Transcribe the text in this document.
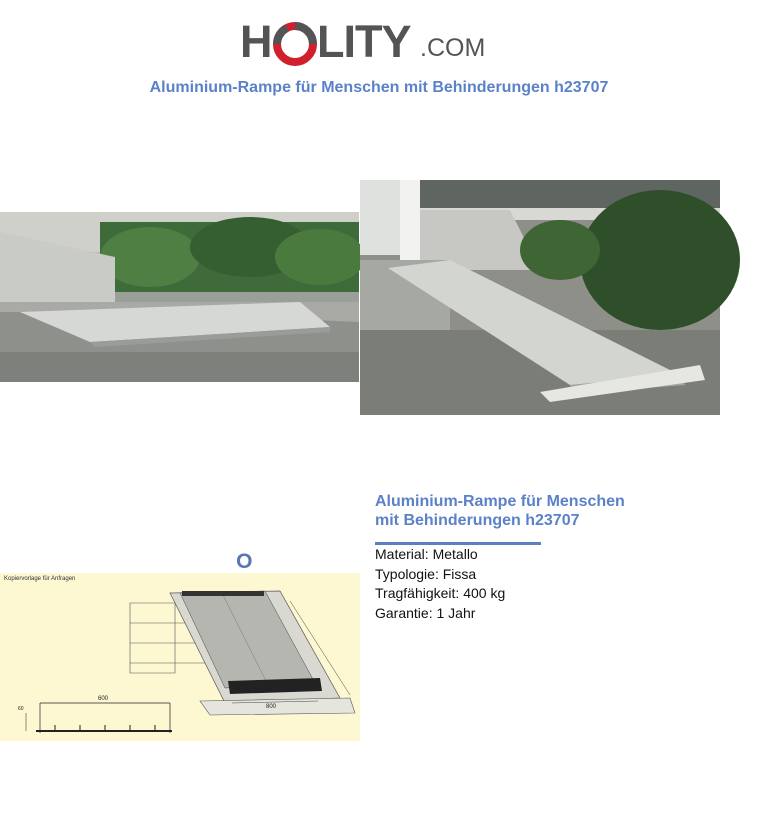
H LITY .COM
Aluminium-Rampe für Menschen mit Behinderungen h23707
HOLITY.COM
Kopiervorlage für Anfragen
800
600
60
Aluminium-Rampe für Menschen
mit Behinderungen h23707
Material: Metallo
Typologie: Fissa
Tragfähigkeit: 400 kg
Garantie: 1 Jahr
